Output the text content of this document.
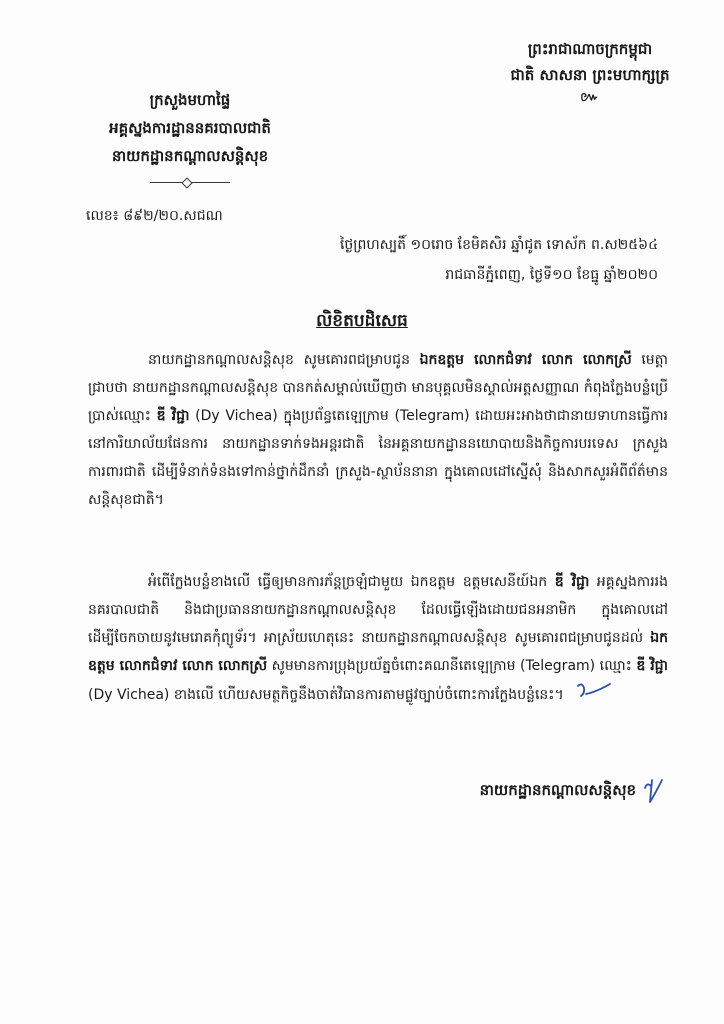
ព្រះរាជាណាចក្រកម្ពុជា
ជាតិ សាសនា ព្រះមហាក្សត្រ
៚
ក្រសួងមហាផ្ទៃ
អគ្គស្នងការដ្ឋាននគរបាលជាតិ
នាយកដ្ឋានកណ្តាលសន្តិសុខ
លេខ៖ ៨៩២/២០.សជណ
ថ្ងៃព្រហស្បតិ៍ ១០រោច ខែមិគសិរ ឆ្នាំជូត ទោស័ក ព.ស២៥៦៤
រាជធានីភ្នំពេញ, ថ្ងៃទី១០ ខែធ្នូ ឆ្នាំ២០២០
លិខិតបដិសេធ
នាយកដ្ឋានកណ្តាលសន្តិសុខ សូមគោរពជម្រាបជូន ឯកឧត្តម លោកជំទាវ លោក លោកស្រី មេត្តាជ្រាបថា នាយកដ្ឋានកណ្តាលសន្តិសុខ បានកត់សម្គាល់ឃើញថា មានបុគ្គលមិនស្គាល់អត្តសញ្ញាណ កំពុងក្លែងបន្លំប្រើប្រាស់ឈ្មោះ ឌី វិជ្ជា (Dy Vichea) ក្នុងប្រព័ន្ធតេឡេក្រាម (Telegram) ដោយអះអាងថាជានាយទាហានធ្វើការនៅការិយាល័យផែនការ នាយកដ្ឋានទាក់ទងអន្តរជាតិ នៃអគ្គនាយកដ្ឋាននយោបាយនិងកិច្ចការបរទេស ក្រសួងការពារជាតិ ដើម្បីទំនាក់ទំនងទៅកាន់ថ្នាក់ដឹកនាំ ក្រសួង-ស្ថាប័ននានា ក្នុងគោលដៅស្នើសុំ និងសាកសួរអំពីព័ត៌មានសន្តិសុខជាតិ។
អំពើក្លែងបន្លំខាងលើ ធ្វើឲ្យមានការភ័ន្តច្រឡំជាមួយ ឯកឧត្តម ឧត្តមសេនីយ៍ឯក ឌី វិជ្ជា អគ្គស្នងការរងនគរបាលជាតិ និងជាប្រធាននាយកដ្ឋានកណ្តាលសន្តិសុខ ដែលធ្វើឡើងដោយជនអនាមិក ក្នុងគោលដៅដើម្បីចែកចាយនូវមេរោគកុំព្យូទ័រ។ អាស្រ័យហេតុនេះ នាយកដ្ឋានកណ្តាលសន្តិសុខ សូមគោរពជម្រាបជូនដល់ ឯកឧត្តម លោកជំទាវ លោក លោកស្រី សូមមានការប្រុងប្រយ័ត្នចំពោះគណនីតេឡេក្រាម (Telegram) ឈ្មោះ ឌី វិជ្ជា (Dy Vichea) ខាងលើ ហើយសមត្ថកិច្ចនឹងចាត់វិធានការតាមផ្លូវច្បាប់ចំពោះការក្លែងបន្លំនេះ។
នាយកដ្ឋានកណ្តាលសន្តិសុខ
